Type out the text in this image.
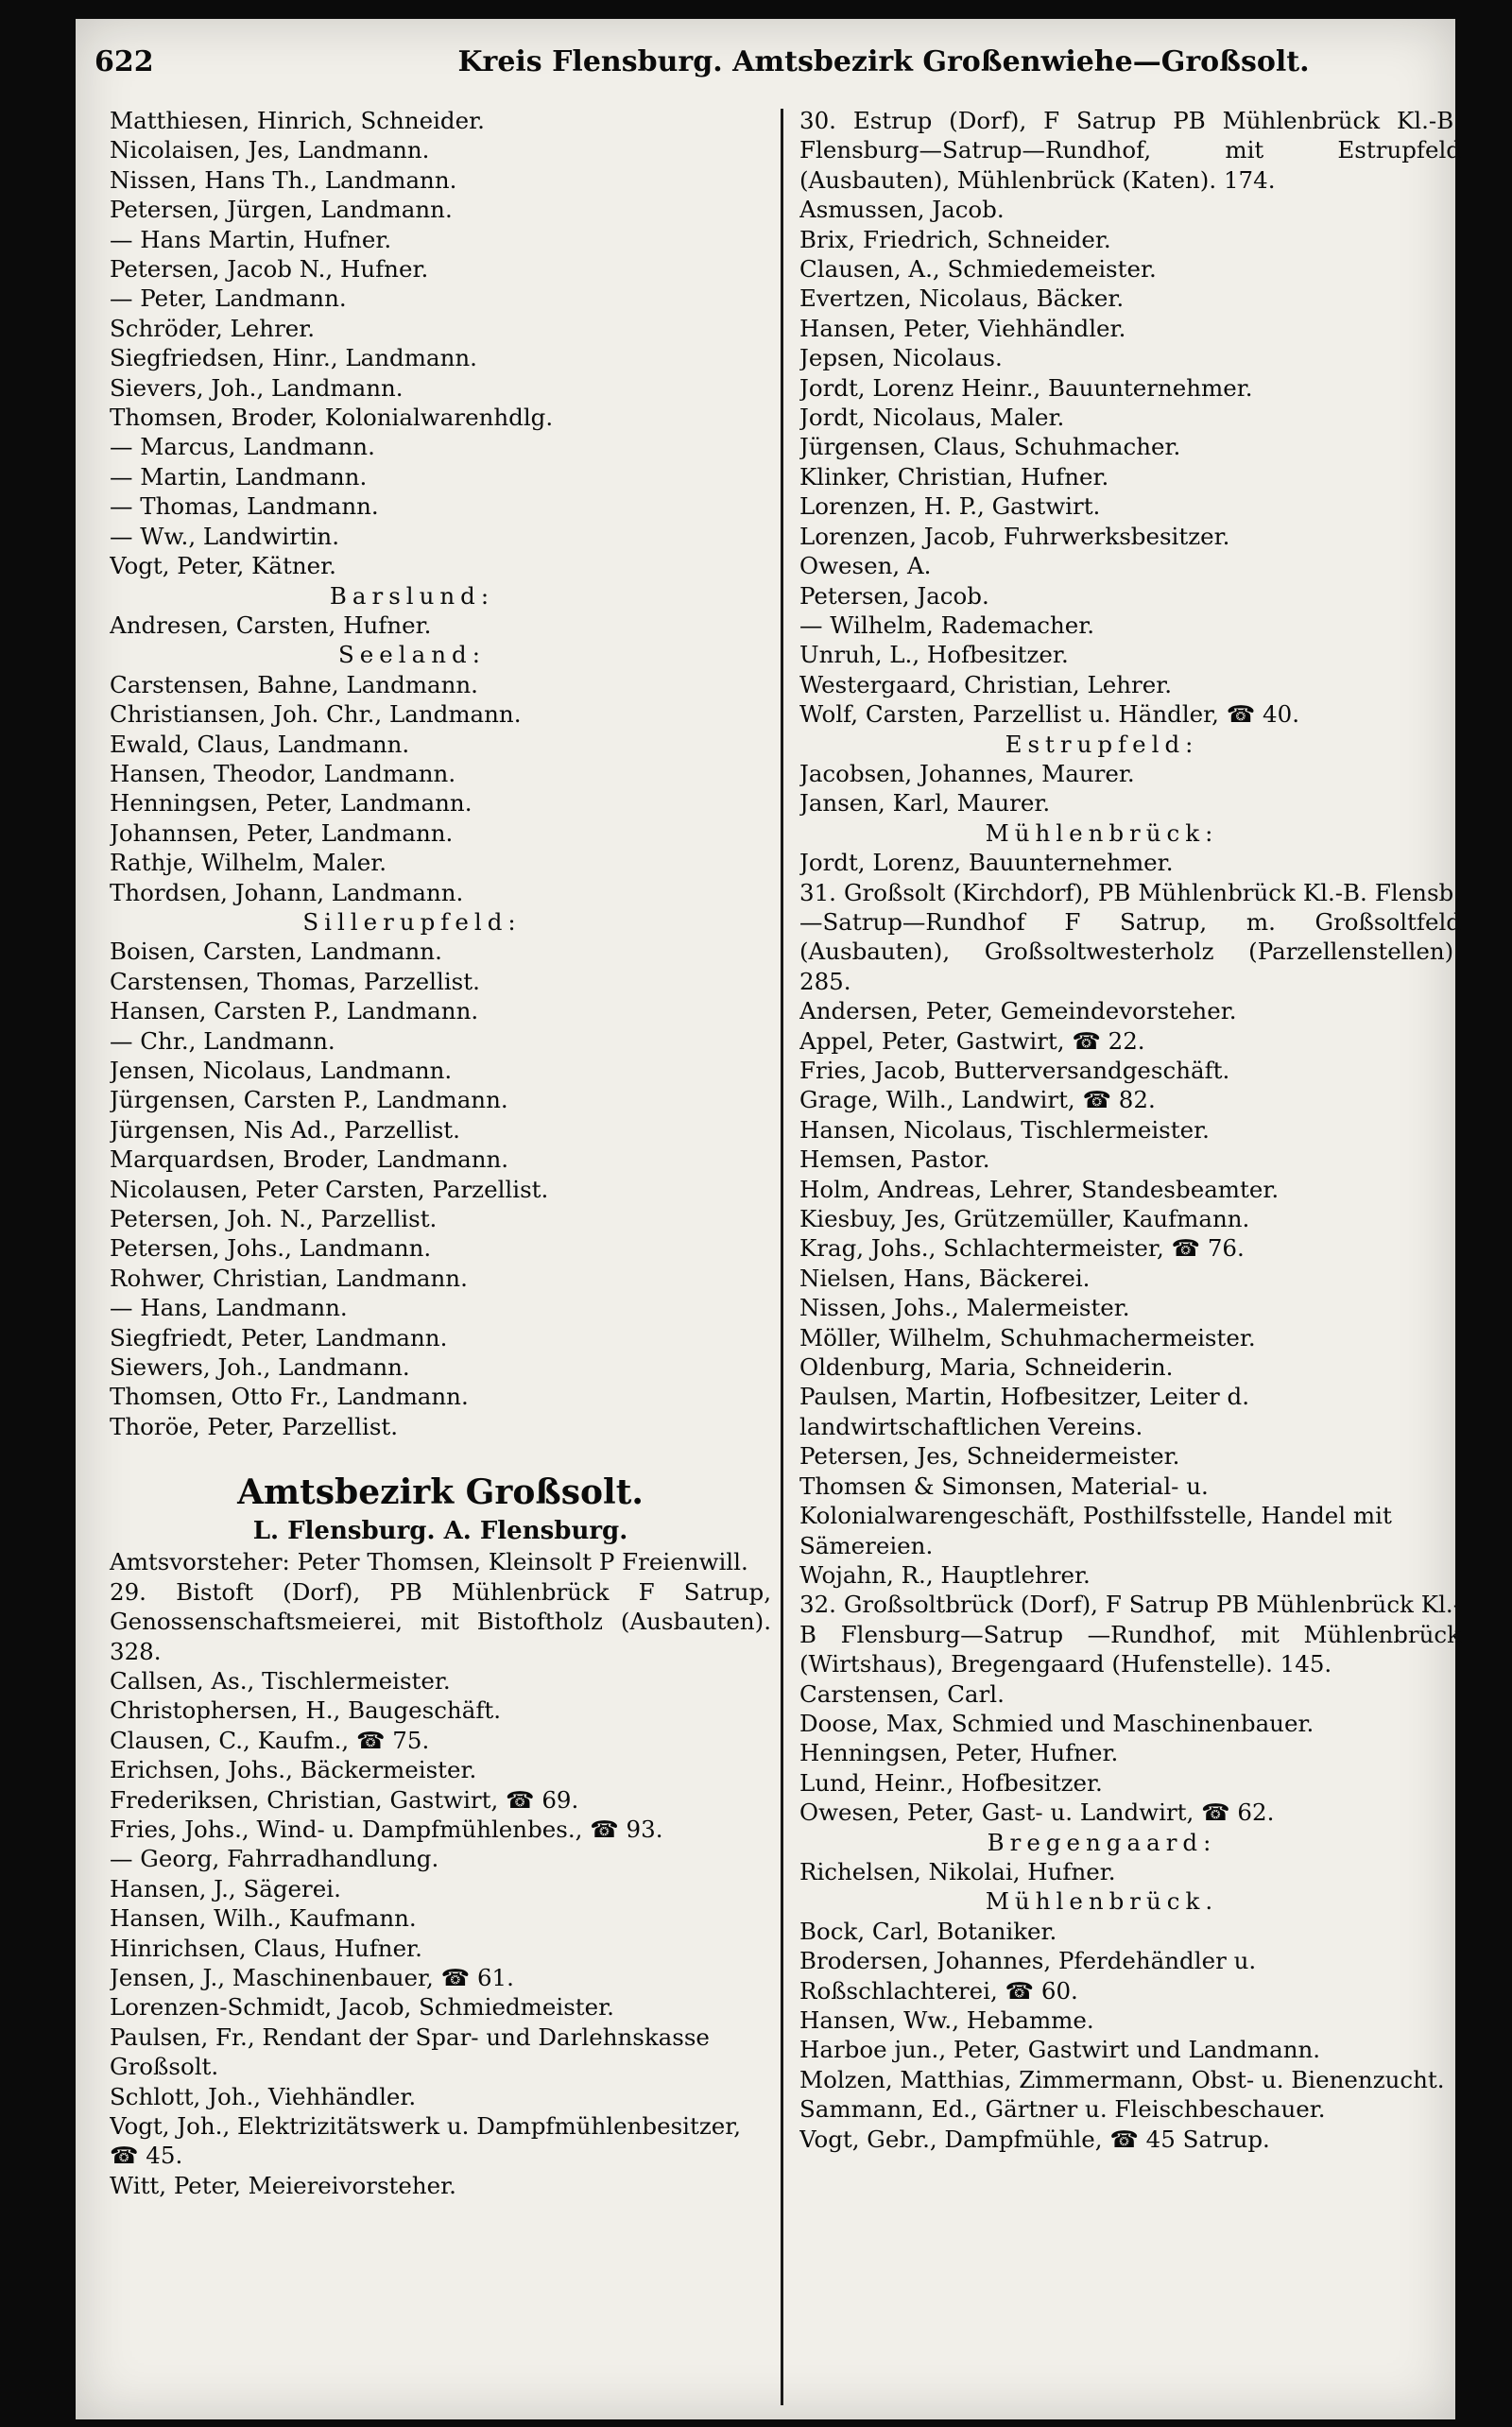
622	Kreis Flensburg. Amtsbezirk Großenwiehe—Großsolt.
Matthiesen, Hinrich, Schneider.
Nicolaisen, Jes, Landmann.
Nissen, Hans Th., Landmann.
Petersen, Jürgen, Landmann.
— Hans Martin, Hufner.
Petersen, Jacob N., Hufner.
— Peter, Landmann.
Schröder, Lehrer.
Siegfriedsen, Hinr., Landmann.
Sievers, Joh., Landmann.
Thomsen, Broder, Kolonialwarenhdlg.
— Marcus, Landmann.
— Martin, Landmann.
— Thomas, Landmann.
— Ww., Landwirtin.
Vogt, Peter, Kätner.
Barslund:
Andresen, Carsten, Hufner.
Seeland:
Carstensen, Bahne, Landmann.
Christiansen, Joh. Chr., Landmann.
Ewald, Claus, Landmann.
Hansen, Theodor, Landmann.
Henningsen, Peter, Landmann.
Johannsen, Peter, Landmann.
Rathje, Wilhelm, Maler.
Thordsen, Johann, Landmann.
Sillerupfeld:
Boisen, Carsten, Landmann.
Carstensen, Thomas, Parzellist.
Hansen, Carsten P., Landmann.
— Chr., Landmann.
Jensen, Nicolaus, Landmann.
Jürgensen, Carsten P., Landmann.
Jürgensen, Nis Ad., Parzellist.
Marquardsen, Broder, Landmann.
Nicolausen, Peter Carsten, Parzellist.
Petersen, Joh. N., Parzellist.
Petersen, Johs., Landmann.
Rohwer, Christian, Landmann.
— Hans, Landmann.
Siegfriedt, Peter, Landmann.
Siewers, Joh., Landmann.
Thomsen, Otto Fr., Landmann.
Thoröe, Peter, Parzellist.
Amtsbezirk Großsolt.
L. Flensburg. A. Flensburg.
Amtsvorsteher: Peter Thomsen, Kleinsolt P Freienwill.
29. Bistoft (Dorf), PB Mühlenbrück F Satrup, Genossenschaftsmeierei, mit Bistoftholz (Ausbauten). 328.
Callsen, As., Tischlermeister.
Christophersen, H., Baugeschäft.
Clausen, C., Kaufm., ☎ 75.
Erichsen, Johs., Bäckermeister.
Frederiksen, Christian, Gastwirt, ☎ 69.
Fries, Johs., Wind- u. Dampfmühlenbes., ☎ 93.
— Georg, Fahrradhandlung.
Hansen, J., Sägerei.
Hansen, Wilh., Kaufmann.
Hinrichsen, Claus, Hufner.
Jensen, J., Maschinenbauer, ☎ 61.
Lorenzen-Schmidt, Jacob, Schmiedmeister.
Paulsen, Fr., Rendant der Spar- und Darlehnskasse Großsolt.
Schlott, Joh., Viehhändler.
Vogt, Joh., Elektrizitätswerk u. Dampfmühlenbesitzer, ☎ 45.
Witt, Peter, Meiereivorsteher.
30. Estrup (Dorf), F Satrup PB Mühlenbrück Kl.-B. Flensburg—Satrup—Rundhof, mit Estrupfeld (Ausbauten), Mühlenbrück (Katen). 174.
Asmussen, Jacob.
Brix, Friedrich, Schneider.
Clausen, A., Schmiedemeister.
Evertzen, Nicolaus, Bäcker.
Hansen, Peter, Viehhändler.
Jepsen, Nicolaus.
Jordt, Lorenz Heinr., Bauunternehmer.
Jordt, Nicolaus, Maler.
Jürgensen, Claus, Schuhmacher.
Klinker, Christian, Hufner.
Lorenzen, H. P., Gastwirt.
Lorenzen, Jacob, Fuhrwerksbesitzer.
Owesen, A.
Petersen, Jacob.
— Wilhelm, Rademacher.
Unruh, L., Hofbesitzer.
Westergaard, Christian, Lehrer.
Wolf, Carsten, Parzellist u. Händler, ☎ 40.
Estrupfeld:
Jacobsen, Johannes, Maurer.
Jansen, Karl, Maurer.
Mühlenbrück:
Jordt, Lorenz, Bauunternehmer.
31. Großsolt (Kirchdorf), PB Mühlenbrück Kl.-B. Flensb.—Satrup—Rundhof F Satrup, m. Großsoltfeld (Ausbauten), Großsoltwesterholz (Parzellenstellen). 285.
Andersen, Peter, Gemeindevorsteher.
Appel, Peter, Gastwirt, ☎ 22.
Fries, Jacob, Butterversandgeschäft.
Grage, Wilh., Landwirt, ☎ 82.
Hansen, Nicolaus, Tischlermeister.
Hemsen, Pastor.
Holm, Andreas, Lehrer, Standesbeamter.
Kiesbuy, Jes, Grützemüller, Kaufmann.
Krag, Johs., Schlachtermeister, ☎ 76.
Nielsen, Hans, Bäckerei.
Nissen, Johs., Malermeister.
Möller, Wilhelm, Schuhmachermeister.
Oldenburg, Maria, Schneiderin.
Paulsen, Martin, Hofbesitzer, Leiter d. landwirtschaftlichen Vereins.
Petersen, Jes, Schneidermeister.
Thomsen & Simonsen, Material- u. Kolonialwarengeschäft, Posthilfsstelle, Handel mit Sämereien.
Wojahn, R., Hauptlehrer.
32. Großsoltbrück (Dorf), F Satrup PB Mühlenbrück Kl.-B Flensburg—Satrup —Rundhof, mit Mühlenbrück (Wirtshaus), Bregengaard (Hufenstelle). 145.
Carstensen, Carl.
Doose, Max, Schmied und Maschinenbauer.
Henningsen, Peter, Hufner.
Lund, Heinr., Hofbesitzer.
Owesen, Peter, Gast- u. Landwirt, ☎ 62.
Bregengaard:
Richelsen, Nikolai, Hufner.
Mühlenbrück.
Bock, Carl, Botaniker.
Brodersen, Johannes, Pferdehändler u. Roßschlachterei, ☎ 60.
Hansen, Ww., Hebamme.
Harboe jun., Peter, Gastwirt und Landmann.
Molzen, Matthias, Zimmermann, Obst- u. Bienenzucht.
Sammann, Ed., Gärtner u. Fleischbeschauer.
Vogt, Gebr., Dampfmühle, ☎ 45 Satrup.
